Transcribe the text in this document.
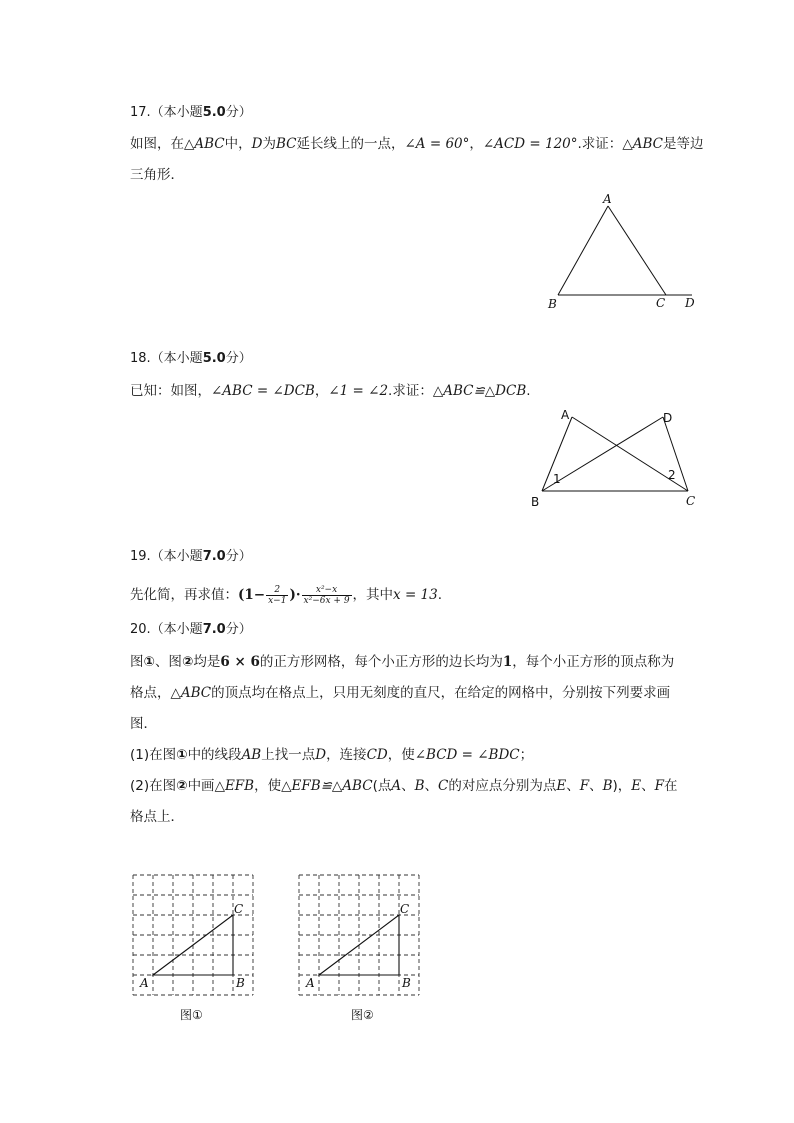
17.（本小题5.0分）
如图，在△ABC中，D为BC延长线上的一点，∠A = 60°，∠ACD = 120°.求证：△ABC是等边
三角形．
A
B	C D
18.（本小题5.0分）
已知：如图，∠ABC = ∠DCB，∠1 = ∠2.求证：△ABC≌△DCB.
A	D
B	C
1	2
19.（本小题7.0分）
先化简，再求值：($1- \frac{2}{x-1}$ )· $\frac{\text{x²−x}}{\text{x²−6x + 9}}$ ，其中x = 13.
20.（本小题7.0分）
图①、图②均是6 × 6的正方形网格，每个小正方形的边长均为1，每个小正方形的顶点称为
格点，△ABC的顶点均在格点上，只用无刻度的直尺，在给定的网格中，分别按下列要求画
图．
(1)在图①中的线段AB上找一点D，连接CD，使∠BCD = ∠BDC；
(2)在图②中画△EFB，使△EFB≌△ABC(点A、B、C的对应点分别为点E、F、B)，E、F在
格点上．
A	B
C
图①
A	B
C
图②
